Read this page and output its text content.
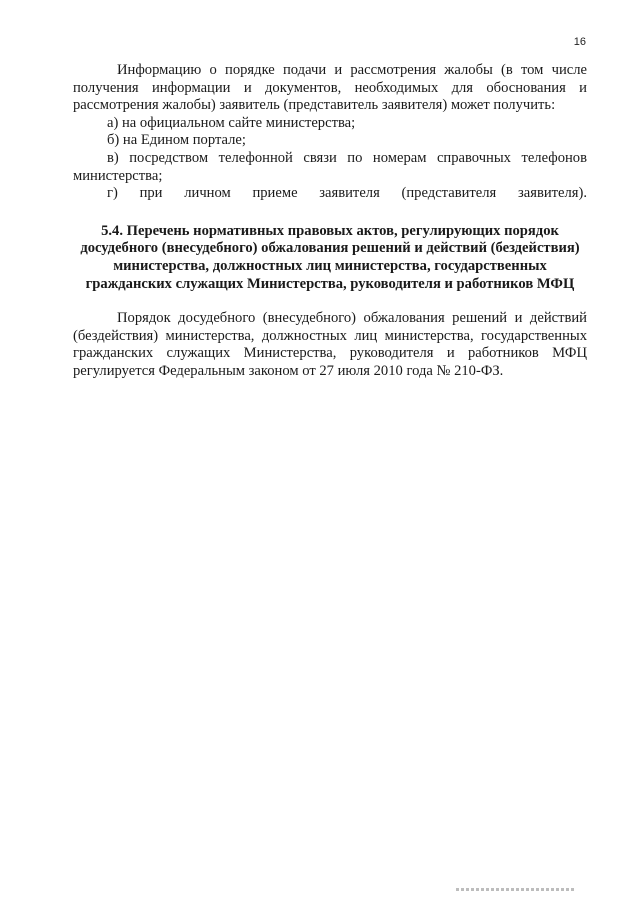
16

Информацию о порядке подачи и рассмотрения жалобы (в том числе получения информации и документов, необходимых для обоснования и рассмотрения жалобы) заявитель (представитель заявителя) может получить:

а) на официальном сайте министерства;

б) на Едином портале;

в) посредством телефонной связи по номерам справочных телефонов министерства;

г) при личном приеме заявителя (представителя заявителя).

5.4. Перечень нормативных правовых актов, регулирующих порядок
досудебного (внесудебного) обжалования решений и действий (бездействия)
министерства, должностных лиц министерства, государственных
гражданских служащих Министерства, руководителя и работников МФЦ

Порядок досудебного (внесудебного) обжалования решений и действий (бездействия) министерства, должностных лиц министерства, государственных гражданских служащих Министерства, руководителя и работников МФЦ регулируется Федеральным законом от 27 июля 2010 года № 210-ФЗ.
